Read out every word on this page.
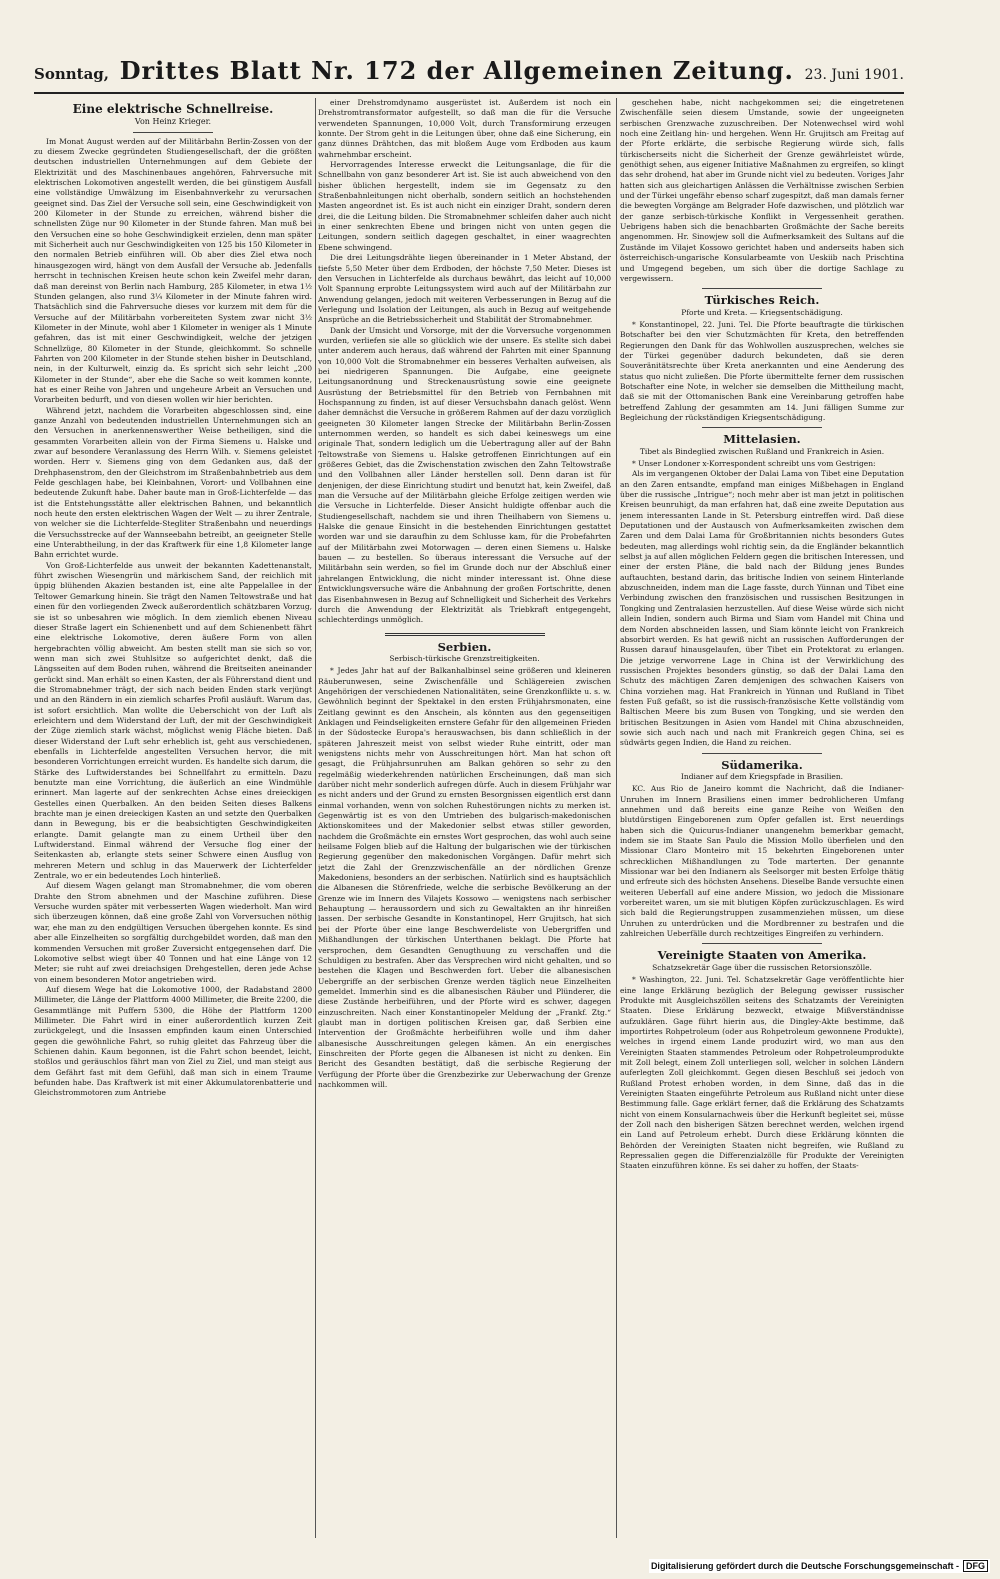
Sonntag, Drittes Blatt Nr. 172 der Allgemeinen Zeitung. 23. Juni 1901.
Eine elektrische Schnellreise.
Von Heinz Krieger.

Im Monat August werden auf der Militärbahn Berlin-Zossen von der zu diesem Zwecke gegründeten Studiengesellschaft, der die größten deutschen industriellen Unternehmungen auf dem Gebiete der Elektrizität und des Maschinenbaues angehören, Fahrversuche mit elektrischen Lokomotiven angestellt werden, die bei günstigem Ausfall eine vollständige Umwälzung im Eisenbahnverkehr zu verursachen geeignet sind. Das Ziel der Versuche soll sein, eine Geschwindigkeit von 200 Kilometer in der Stunde zu erreichen, während bisher die schnellsten Züge nur 90 Kilometer in der Stunde fahren. Man muß bei den Versuchen eine so hohe Geschwindigkeit erzielen, denn man später mit Sicherheit auch nur Geschwindigkeiten von 125 bis 150 Kilometer in den normalen Betrieb einführen will. Ob aber dies Ziel etwa noch hinausgezogen wird, hängt von dem Ausfall der Versuche ab. Jedenfalls herrscht in technischen Kreisen heute schon kein Zweifel mehr daran, daß man dereinst von Berlin nach Hamburg, 285 Kilometer, in etwa 1½ Stunden gelangen, also rund 3¼ Kilometer in der Minute fahren wird. Thatsächlich sind die Fahrversuche dieses vor kurzem mit dem für die Versuche auf der Militärbahn vorbereiteten System zwar nicht 3½ Kilometer in der Minute, wohl aber 1 Kilometer in weniger als 1 Minute gefahren, das ist mit einer Geschwindigkeit, welche der jetzigen Schnellzüge, 80 Kilometer in der Stunde, gleichkommt. So schnelle Fahrten von 200 Kilometer in der Stunde stehen bisher in Deutschland, nein, in der Kulturwelt, einzig da. Es spricht sich sehr leicht „200 Kilometer in der Stunde“, aber ehe die Sache so weit kommen konnte, hat es einer Reihe von Jahren und ungeheure Arbeit an Versuchen und Vorarbeiten bedurft, und von diesen wollen wir hier berichten.

Während jetzt, nachdem die Vorarbeiten abgeschlossen sind, eine ganze Anzahl von bedeutenden industriellen Unternehmungen sich an den Versuchen in anerkennenswerther Weise betheiligen, sind die gesammten Vorarbeiten allein von der Firma Siemens u. Halske und zwar auf besondere Veranlassung des Herrn Wilh. v. Siemens geleistet worden. Herr v. Siemens ging von dem Gedanken aus, daß der Drehphasenstrom, den der Gleichstrom im Straßenbahnbetrieb aus dem Felde geschlagen habe, bei Kleinbahnen, Vorort- und Vollbahnen eine bedeutende Zukunft habe. Daher baute man in Groß-Lichterfelde — das ist die Entstehungsstätte aller elektrischen Bahnen, und bekanntlich noch heute den ersten elektrischen Wagen der Welt — zu ihrer Zentrale, von welcher sie die Lichterfelde-Stegliter Straßenbahn und neuerdings die Versuchsstrecke auf der Wannseebahn betreibt, an geeigneter Stelle eine Unterabtheilung, in der das Kraftwerk für eine 1,8 Kilometer lange Bahn errichtet wurde.

Von Groß-Lichterfelde aus unweit der bekannten Kadettenanstalt, führt zwischen Wiesengrün und märkischem Sand, der reichlich mit üppig blühenden Akazien bestanden ist, eine alte Pappelallee in der Teltower Gemarkung hinein. Sie trägt den Namen Teltowstraße und hat einen für den vorliegenden Zweck außerordentlich schätzbaren Vorzug, sie ist so unbesahren wie möglich. In dem ziemlich ebenen Niveau dieser Straße lagert ein Schienenbett und auf dem Schienenbett fährt eine elektrische Lokomotive, deren äußere Form von allen hergebrachten völlig abweicht. Am besten stellt man sie sich so vor, wenn man sich zwei Stuhlsitze so aufgerichtet denkt, daß die Längsseiten auf dem Boden ruhen, während die Breitseiten aneinander gerückt sind. Man erhält so einen Kasten, der als Führerstand dient und die Stromabnehmer trägt, der sich nach beiden Enden stark verjüngt und an den Rändern in ein ziemlich scharfes Profil ausläuft. Warum das, ist sofort ersichtlich. Man wollte die Ueberschicht von der Luft als erleichtern und dem Widerstand der Luft, der mit der Geschwindigkeit der Züge ziemlich stark wächst, möglichst wenig Fläche bieten. Daß dieser Widerstand der Luft sehr erheblich ist, geht aus verschiedenen, ebenfalls in Lichterfelde angestellten Versuchen hervor, die mit besonderen Vorrichtungen erreicht wurden. Es handelte sich darum, die Stärke des Luftwiderstandes bei Schnellfahrt zu ermitteln. Dazu benutzte man eine Vorrichtung, die äußerlich an eine Windmühle erinnert. Man lagerte auf der senkrechten Achse eines dreieckigen Gestelles einen Querbalken. An den beiden Seiten dieses Balkens brachte man je einen dreieckigen Kasten an und setzte den Querbalken dann in Bewegung, bis er die beabsichtigten Geschwindigkeiten erlangte. Damit gelangte man zu einem Urtheil über den Luftwiderstand. Einmal während der Versuche flog einer der Seitenkasten ab, erlangte stets seiner Schwere einen Ausflug von mehreren Metern und schlug in das Mauerwerk der Lichterfelder Zentrale, wo er ein bedeutendes Loch hinterließ.

Auf diesem Wagen gelangt man Stromabnehmer, die vom oberen Drahte den Strom abnehmen und der Maschine zuführen. Diese Versuche wurden später mit verbesserten Wagen wiederholt. Man wird sich überzeugen können, daß eine große Zahl von Vorversuchen nöthig war, ehe man zu den endgültigen Versuchen übergehen konnte. Es sind aber alle Einzelheiten so sorgfältig durchgebildet worden, daß man den kommenden Versuchen mit großer Zuversicht entgegensehen darf. Die Lokomotive selbst wiegt über 40 Tonnen und hat eine Länge von 12 Meter; sie ruht auf zwei dreiachsigen Drehgestellen, deren jede Achse von einem besonderen Motor angetrieben wird.

Auf diesem Wege hat die Lokomotive 1000, der Radabstand 2800 Millimeter, die Länge der Plattform 4000 Millimeter, die Breite 2200, die Gesammtlänge mit Puffern 5300, die Höhe der Plattform 1200 Millimeter. Die Fahrt wird in einer außerordentlich kurzen Zeit zurückgelegt, und die Insassen empfinden kaum einen Unterschied gegen die gewöhnliche Fahrt, so ruhig gleitet das Fahrzeug über die Schienen dahin. Kaum begonnen, ist die Fahrt schon beendet, leicht, stoßlos und geräuschlos fährt man von Ziel zu Ziel, und man steigt aus dem Gefährt fast mit dem Gefühl, daß man sich in einem Traume befunden habe. Das Kraftwerk ist mit einer Akkumulatorenbatterie und Gleichstrommotoren zum Antriebe

einer Drehstromdynamo ausgerüstet ist. Außerdem ist noch ein Drehstromtransformator aufgestellt, so daß man die für die Versuche verwendeten Spannungen, 10,000 Volt, durch Transformirung erzeugen konnte. Der Strom geht in die Leitungen über, ohne daß eine Sicherung, ein ganz dünnes Drähtchen, das mit bloßem Auge vom Erdboden aus kaum wahrnehmbar erscheint.

Hervorragendes Interesse erweckt die Leitungsanlage, die für die Schnellbahn von ganz besonderer Art ist. Sie ist auch abweichend von den bisher üblichen hergestellt, indem sie im Gegensatz zu den Straßenbahnleitungen nicht oberhalb, sondern seitlich an hochstehenden Masten angeordnet ist. Es ist auch nicht ein einziger Draht, sondern deren drei, die die Leitung bilden. Die Stromabnehmer schleifen daher auch nicht in einer senkrechten Ebene und bringen nicht von unten gegen die Leitungen, sondern seitlich dagegen geschaltet, in einer waagrechten Ebene schwingend.

Die drei Leitungsdrähte liegen übereinander in 1 Meter Abstand, der tiefste 5,50 Meter über dem Erdboden, der höchste 7,50 Meter. Dieses ist den Versuchen in Lichterfelde als durchaus bewährt, das leicht auf 10,000 Volt Spannung erprobte Leitungssystem wird auch auf der Militärbahn zur Anwendung gelangen, jedoch mit weiteren Verbesserungen in Bezug auf die Verlegung und Isolation der Leitungen, als auch in Bezug auf weitgehende Ansprüche an die Betriebssicherheit und Stabilität der Stromabnehmer.

Dank der Umsicht und Vorsorge, mit der die Vorversuche vorgenommen wurden, verliefen sie alle so glücklich wie der unsere. Es stellte sich dabei unter anderem auch heraus, daß während der Fahrten mit einer Spannung von 10,000 Volt die Stromabnehmer ein besseres Verhalten aufweisen, als bei niedrigeren Spannungen. Die Aufgabe, eine geeignete Leitungsanordnung und Streckenausrüstung sowie eine geeignete Ausrüstung der Betriebsmittel für den Betrieb von Fernbahnen mit Hochspannung zu finden, ist auf dieser Versuchsbahn danach gelöst. Wenn daher demnächst die Versuche in größerem Rahmen auf der dazu vorzüglich geeigneten 30 Kilometer langen Strecke der Militärbahn Berlin-Zossen unternommen werden, so handelt es sich dabei keineswegs um eine originale That, sondern lediglich um die Uebertragung aller auf der Bahn Teltowstraße von Siemens u. Halske getroffenen Einrichtungen auf ein größeres Gebiet, das die Zwischenstation zwischen den Zahn Teltowstraße und den Vollbahnen aller Länder herstellen soll. Denn daran ist für denjenigen, der diese Einrichtung studirt und benutzt hat, kein Zweifel, daß man die Versuche auf der Militärbahn gleiche Erfolge zeitigen werden wie die Versuche in Lichterfelde. Dieser Ansicht huldigte offenbar auch die Studiengesellschaft, nachdem sie und ihren Theilhabern von Siemens u. Halske die genaue Einsicht in die bestehenden Einrichtungen gestattet worden war und sie daraufhin zu dem Schlusse kam, für die Probefahrten auf der Militärbahn zwei Motorwagen — deren einen Siemens u. Halske bauen — zu bestellen. So überaus interessant die Versuche auf der Militärbahn sein werden, so fiel im Grunde doch nur der Abschluß einer jahrelangen Entwicklung, die nicht minder interessant ist. Ohne diese Entwicklungsversuche wäre die Anbahnung der großen Fortschritte, denen das Eisenbahnwesen in Bezug auf Schnelligkeit und Sicherheit des Verkehrs durch die Anwendung der Elektrizität als Triebkraft entgegengeht, schlechterdings unmöglich.

Serbien.
Serbisch-türkische Grenzstreitigkeiten.

* Jedes Jahr hat auf der Balkanhalbinsel seine größeren und kleineren Räuberunwesen, seine Zwischenfälle und Schlägereien zwischen Angehörigen der verschiedenen Nationalitäten, seine Grenzkonflikte u. s. w. Gewöhnlich beginnt der Spektakel in den ersten Frühjahrsmonaten, eine Zeitlang gewinnt es den Anschein, als könnten aus den gegenseitigen Anklagen und Feindseligkeiten ernstere Gefahr für den allgemeinen Frieden in der Südostecke Europa's herauswachsen, bis dann schließlich in der späteren Jahreszeit meist von selbst wieder Ruhe eintritt, oder man wenigstens nichts mehr von Ausschreitungen hört. Man hat schon oft gesagt, die Frühjahrsunruhen am Balkan gehören so sehr zu den regelmäßig wiederkehrenden natürlichen Erscheinungen, daß man sich darüber nicht mehr sonderlich aufregen dürfe. Auch in diesem Frühjahr war es nicht anders und der Grund zu ernsten Besorgnissen eigentlich erst dann einmal vorhanden, wenn von solchen Ruhestörungen nichts zu merken ist. Gegenwärtig ist es von den Umtrieben des bulgarisch-makedonischen Aktionskomitees und der Makedonier selbst etwas stiller geworden, nachdem die Großmächte ein ernstes Wort gesprochen, das wohl auch seine heilsame Folgen blieb auf die Haltung der bulgarischen wie der türkischen Regierung gegenüber den makedonischen Vorgängen. Dafür mehrt sich jetzt die Zahl der Grenzzwischenfälle an der nördlichen Grenze Makedoniens, besonders an der serbischen. Natürlich sind es hauptsächlich die Albanesen die Störenfriede, welche die serbische Bevölkerung an der Grenze wie im Innern des Vilajets Kossowo — wenigstens nach serbischer Behauptung — heraussordern und sich zu Gewaltakten an ihr hinreißen lassen. Der serbische Gesandte in Konstantinopel, Herr Grujitsch, hat sich bei der Pforte über eine lange Beschwerdeliste von Uebergriffen und Mißhandlungen der türkischen Unterthanen beklagt. Die Pforte hat versprochen, dem Gesandten Genugthuung zu verschaffen und die Schuldigen zu bestrafen. Aber das Versprechen wird nicht gehalten, und so bestehen die Klagen und Beschwerden fort. Ueber die albanesischen Uebergriffe an der serbischen Grenze werden täglich neue Einzelheiten gemeldet. Immerhin sind es die albanesischen Räuber und Plünderer, die diese Zustände herbeiführen, und der Pforte wird es schwer, dagegen einzuschreiten. Nach einer Konstantinopeler Meldung der „Frankf. Ztg.“ glaubt man in dortigen politischen Kreisen gar, daß Serbien eine Intervention der Großmächte herbeiführen wolle und ihm daher albanesische Ausschreitungen gelegen kämen. An ein energisches Einschreiten der Pforte gegen die Albanesen ist nicht zu denken. Ein Bericht des Gesandten bestätigt, daß die serbische Regierung der Verfügung der Pforte über die Grenzbezirke zur Ueberwachung der Grenze nachkommen will.

geschehen habe, nicht nachgekommen sei; die eingetretenen Zwischenfälle seien diesem Umstande, sowie der ungeeigneten serbischen Grenzwache zuzuschreiben. Der Notenwechsel wird wohl noch eine Zeitlang hin- und hergehen. Wenn Hr. Grujitsch am Freitag auf der Pforte erklärte, die serbische Regierung würde sich, falls türkischerseits nicht die Sicherheit der Grenze gewährleistet würde, genöthigt sehen, aus eigener Initiative Maßnahmen zu ergreifen, so klingt das sehr drohend, hat aber im Grunde nicht viel zu bedeuten. Voriges Jahr hatten sich aus gleichartigen Anlässen die Verhältnisse zwischen Serbien und der Türkei ungefähr ebenso scharf zugespitzt, daß man damals ferner die bewegten Vorgänge am Belgrader Hofe dazwischen, und plötzlich war der ganze serbisch-türkische Konflikt in Vergessenheit gerathen. Uebrigens haben sich die benachbarten Großmächte der Sache bereits angenommen. Hr. Sinowjew soll die Aufmerksamkeit des Sultans auf die Zustände im Vilajet Kossowo gerichtet haben und anderseits haben sich österreichisch-ungarische Konsularbeamte von Ueskiib nach Prischtina und Umgegend begeben, um sich über die dortige Sachlage zu vergewissern.

Türkisches Reich.
Pforte und Kreta. — Kriegsentschädigung.

* Konstantinopel, 22. Juni. Tel. Die Pforte beauftragte die türkischen Botschafter bei den vier Schutzmächten für Kreta, den betreffenden Regierungen den Dank für das Wohlwollen auszusprechen, welches sie der Türkei gegenüber dadurch bekundeten, daß sie deren Souveränitätsrechte über Kreta anerkannten und eine Aenderung des status quo nicht zuließen. Die Pforte übermittelte ferner dem russischen Botschafter eine Note, in welcher sie demselben die Mittheilung macht, daß sie mit der Ottomanischen Bank eine Vereinbarung getroffen habe betreffend Zahlung der gesammten am 14. Juni fälligen Summe zur Begleichung der rückständigen Kriegsentschädigung.

Mittelasien.
Tibet als Bindeglied zwischen Rußland und Frankreich in Asien.

* Unser Londoner x-Korrespondent schreibt uns vom Gestrigen:

Als im vergangenen Oktober der Dalai Lama von Tibet eine Deputation an den Zaren entsandte, empfand man einiges Mißbehagen in England über die russische „Intrigue“; noch mehr aber ist man jetzt in politischen Kreisen beunruhigt, da man erfahren hat, daß eine zweite Deputation aus jenem interessanten Lande in St. Petersburg eintreffen wird. Daß diese Deputationen und der Austausch von Aufmerksamkeiten zwischen dem Zaren und dem Dalai Lama für Großbritannien nichts besonders Gutes bedeuten, mag allerdings wohl richtig sein, da die Engländer bekanntlich selbst ja auf allen möglichen Feldern gegen die britischen Interessen, und einer der ersten Pläne, die bald nach der Bildung jenes Bundes auftauchten, bestand darin, das britische Indien von seinem Hinterlande abzuschneiden, indem man die Lage fasste, durch Yünnan und Tibet eine Verbindung zwischen den französischen und russischen Besitzungen in Tongking und Zentralasien herzustellen. Auf diese Weise würde sich nicht allein Indien, sondern auch Birma und Siam vom Handel mit China und dem Norden abschneiden lassen, und Siam könnte leicht von Frankreich absorbirt werden. Es hat gewiß nicht an russischen Aufforderungen der Russen darauf hinausgelaufen, über Tibet ein Protektorat zu erlangen. Die jetzige verworrene Lage in China ist der Verwirklichung des russischen Projektes besonders günstig, so daß der Dalai Lama den Schutz des mächtigen Zaren demjenigen des schwachen Kaisers von China vorziehen mag. Hat Frankreich in Yünnan und Rußland in Tibet festen Fuß gefaßt, so ist die russisch-französische Kette vollständig vom Baltischen Meere bis zum Busen von Tongking, und sie werden den britischen Besitzungen in Asien vom Handel mit China abzuschneiden, sowie sich auch nach und nach mit Frankreich gegen China, sei es südwärts gegen Indien, die Hand zu reichen.

Südamerika.
Indianer auf dem Kriegspfade in Brasilien.

KC. Aus Rio de Janeiro kommt die Nachricht, daß die Indianer-Unruhen im Innern Brasiliens einen immer bedrohlicheren Umfang annehmen und daß bereits eine ganze Reihe von Weißen den blutdürstigen Eingeborenen zum Opfer gefallen ist. Erst neuerdings haben sich die Quicurus-Indianer unangenehm bemerkbar gemacht, indem sie im Staate San Paulo die Mission Mollo überfielen und den Missionar Claro Monteiro mit 15 bekehrten Eingeborenen unter schrecklichen Mißhandlungen zu Tode marterten. Der genannte Missionar war bei den Indianern als Seelsorger mit besten Erfolge thätig und erfreute sich des höchsten Ansehens. Dieselbe Bande versuchte einen weiteren Ueberfall auf eine andere Mission, wo jedoch die Missionare vorbereitet waren, um sie mit blutigen Köpfen zurückzuschlagen. Es wird sich bald die Regierungstruppen zusammenziehen müssen, um diese Unruhen zu unterdrücken und die Mordbrenner zu bestrafen und die zahlreichen Ueberfälle durch rechtzeitiges Eingreifen zu verhindern.

Vereinigte Staaten von Amerika.
Schatzsekretär Gage über die russischen Retorsionszölle.

* Washington, 22. Juni. Tel. Schatzsekretär Gage veröffentlichte hier eine lange Erklärung bezüglich der Belegung gewisser russischer Produkte mit Ausgleichszöllen seitens des Schatzamts der Vereinigten Staaten. Diese Erklärung bezweckt, etwaige Mißverständnisse aufzuklären. Gage führt hierin aus, die Dingley-Akte bestimme, daß importirtes Rohpetroleum (oder aus Rohpetroleum gewonnene Produkte), welches in irgend einem Lande produzirt wird, wo man aus den Vereinigten Staaten stammendes Petroleum oder Rohpetroleumprodukte mit Zoll belegt, einem Zoll unterliegen soll, welcher in solchen Ländern auferlegten Zoll gleichkommt. Gegen diesen Beschluß sei jedoch von Rußland Protest erhoben worden, in dem Sinne, daß das in die Vereinigten Staaten eingeführte Petroleum aus Rußland nicht unter diese Bestimmung falle. Gage erklärt ferner, daß die Erklärung des Schatzamts nicht von einem Konsularnachweis über die Herkunft begleitet sei, müsse der Zoll nach den bisherigen Sätzen berechnet werden, welchen irgend ein Land auf Petroleum erhebt. Durch diese Erklärung könnten die Behörden der Vereinigten Staaten nicht begreifen, wie Rußland zu Repressalien gegen die Differenzialzölle für Produkte der Vereinigten Staaten einzuführen könne. Es sei daher zu hoffen, der Staats-

Digitalisierung gefördert durch die Deutsche Forschungsgemeinschaft - DFG
